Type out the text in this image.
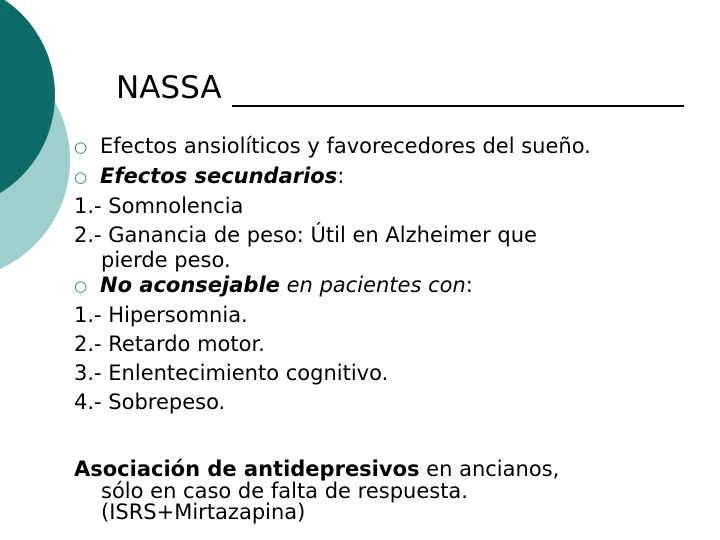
NASSA
○ Efectos ansiolíticos y favorecedores del sueño.
○ Efectos secundarios:
1.- Somnolencia
2.- Ganancia de peso: Útil en Alzheimer que
pierde peso.
○ No aconsejable en pacientes con:
1.- Hipersomnia.
2.- Retardo motor.
3.- Enlentecimiento cognitivo.
4.- Sobrepeso.
Asociación de antidepresivos en ancianos,
sólo en caso de falta de respuesta.
(ISRS+Mirtazapina)
